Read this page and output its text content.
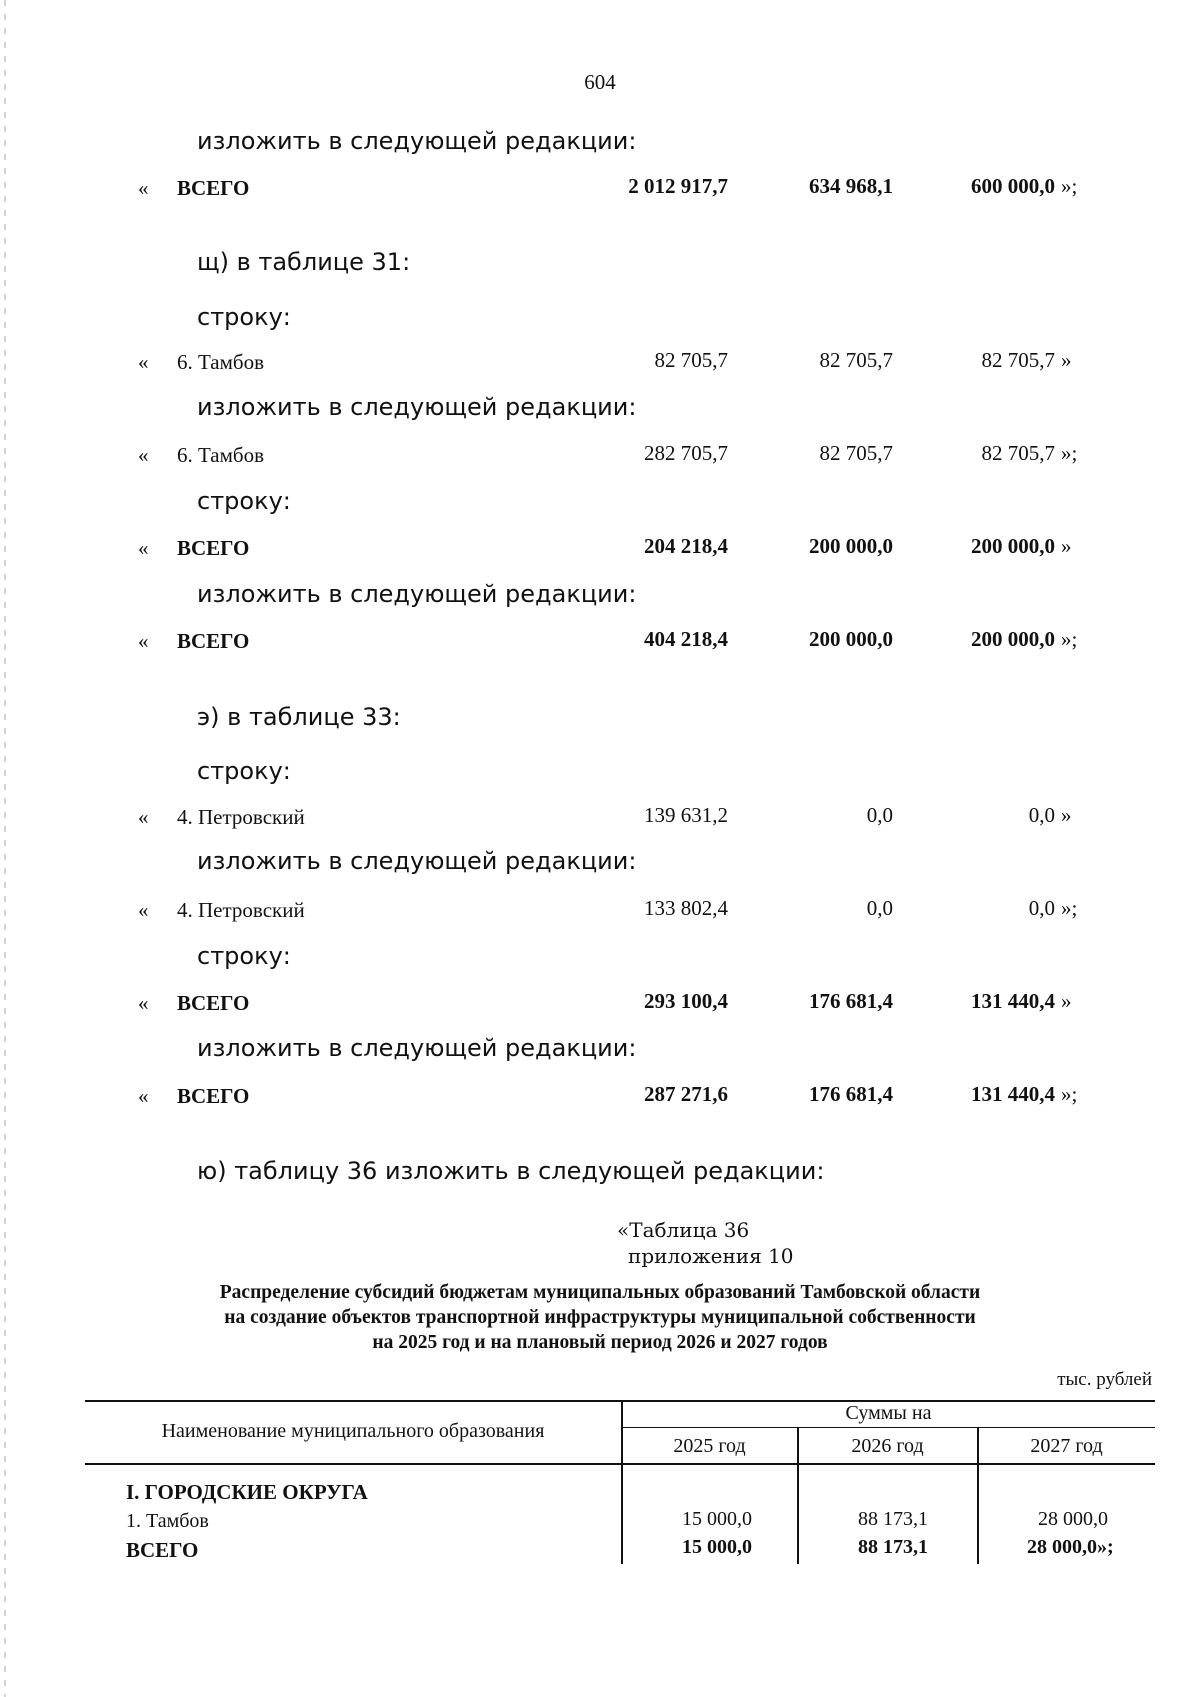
604
изложить в следующей редакции:
« ВСЕГО	2 012 917,7	634 968,1	600 000,0 »;
щ) в таблице 31:
строку:
« 6. Тамбов	82 705,7	82 705,7	82 705,7 »
изложить в следующей редакции:
« 6. Тамбов	282 705,7	82 705,7	82 705,7 »;
строку:
« ВСЕГО	204 218,4	200 000,0	200 000,0 »
изложить в следующей редакции:
« ВСЕГО	404 218,4	200 000,0	200 000,0 »;
э) в таблице 33:
строку:
« 4. Петровский	139 631,2	0,0	0,0 »
изложить в следующей редакции:
« 4. Петровский	133 802,4	0,0	0,0 »;
строку:
« ВСЕГО	293 100,4	176 681,4	131 440,4 »
изложить в следующей редакции:
« ВСЕГО	287 271,6	176 681,4	131 440,4 »;
ю) таблицу 36 изложить в следующей редакции:
«Таблица 36
приложения 10
Распределение субсидий бюджетам муниципальных образований Тамбовской области
на создание объектов транспортной инфраструктуры муниципальной собственности
на 2025 год и на плановый период 2026 и 2027 годов
тыс. рублей
Наименование муниципального образования
Суммы на
2025 год	2026 год	2027 год
I. ГОРОДСКИЕ ОКРУГА
1. Тамбов	15 000,0	88 173,1	28 000,0
ВСЕГО	15 000,0	88 173,1	28 000,0»;
